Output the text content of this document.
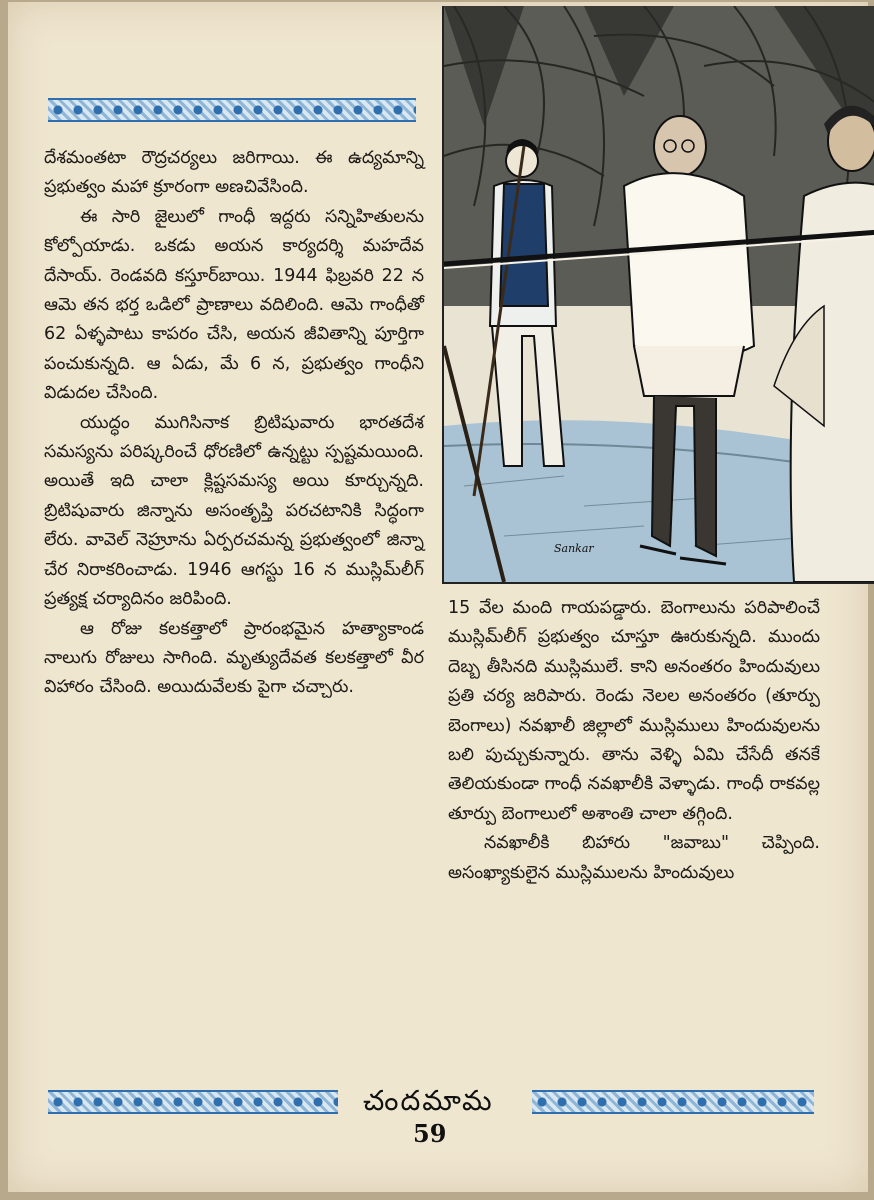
దేశమంతటా రౌద్రచర్యలు జరిగాయి. ఈ ఉద్యమాన్ని ప్రభుత్వం మహా క్రూరంగా అణచివేసింది.

ఈ సారి జైలులో గాంధీ ఇద్దరు సన్నిహితులను కోల్పోయాడు. ఒకడు అయన కార్యదర్శి మహదేవ దేసాయ్. రెండవది కస్తూర్‌బాయి. 1944 ఫిబ్రవరి 22 న ఆమె తన భర్త ఒడిలో ప్రాణాలు వదిలింది. ఆమె గాంధీతో 62 ఏళ్ళపాటు కాపరం చేసి, అయన జీవితాన్ని పూర్తిగా పంచుకున్నది. ఆ ఏడు, మే 6 న, ప్రభుత్వం గాంధీని విడుదల చేసింది.

యుద్ధం ముగిసినాక బ్రిటిషువారు భారతదేశ సమస్యను పరిష్కరించే ధోరణిలో ఉన్నట్టు స్పష్టమయింది. అయితే ఇది చాలా క్లిష్టసమస్య అయి కూర్చున్నది. బ్రిటిషువారు జిన్నాను అసంతృప్తి పరచటానికి సిద్ధంగా లేరు. వావెల్ నెహ్రూను ఏర్పరచమన్న ప్రభుత్వంలో జిన్నా చేర నిరాకరించాడు. 1946 ఆగస్టు 16 న ముస్లిమ్‌లీగ్ ప్రత్యక్ష చర్యాదినం జరిపింది.

ఆ రోజు కలకత్తాలో ప్రారంభమైన హత్యాకాండ నాలుగు రోజులు సాగింది. మృత్యుదేవత కలకత్తాలో వీర విహారం చేసింది. అయిదువేలకు పైగా చచ్చారు.

Sankar

15 వేల మంది గాయపడ్డారు. బెంగాలును పరిపాలించే ముస్లిమ్‌లీగ్ ప్రభుత్వం చూస్తూ ఊరుకున్నది. ముందు దెబ్బ తీసినది ముస్లిములే. కాని అనంతరం హిందువులు ప్రతి చర్య జరిపారు. రెండు నెలల అనంతరం (తూర్పు బెంగాలు) నవఖాలీ జిల్లాలో ముస్లిములు హిందువులను బలి పుచ్చుకున్నారు. తాను వెళ్ళి ఏమి చేసేదీ తనకే తెలియకుండా గాంధీ నవఖాలీకి వెళ్ళాడు. గాంధీ రాకవల్ల తూర్పు బెంగాలులో అశాంతి చాలా తగ్గింది.

నవఖాలీకి బిహారు "జవాబు" చెప్పింది. అసంఖ్యాకులైన ముస్లిములను హిందువులు

చందమామ
59
